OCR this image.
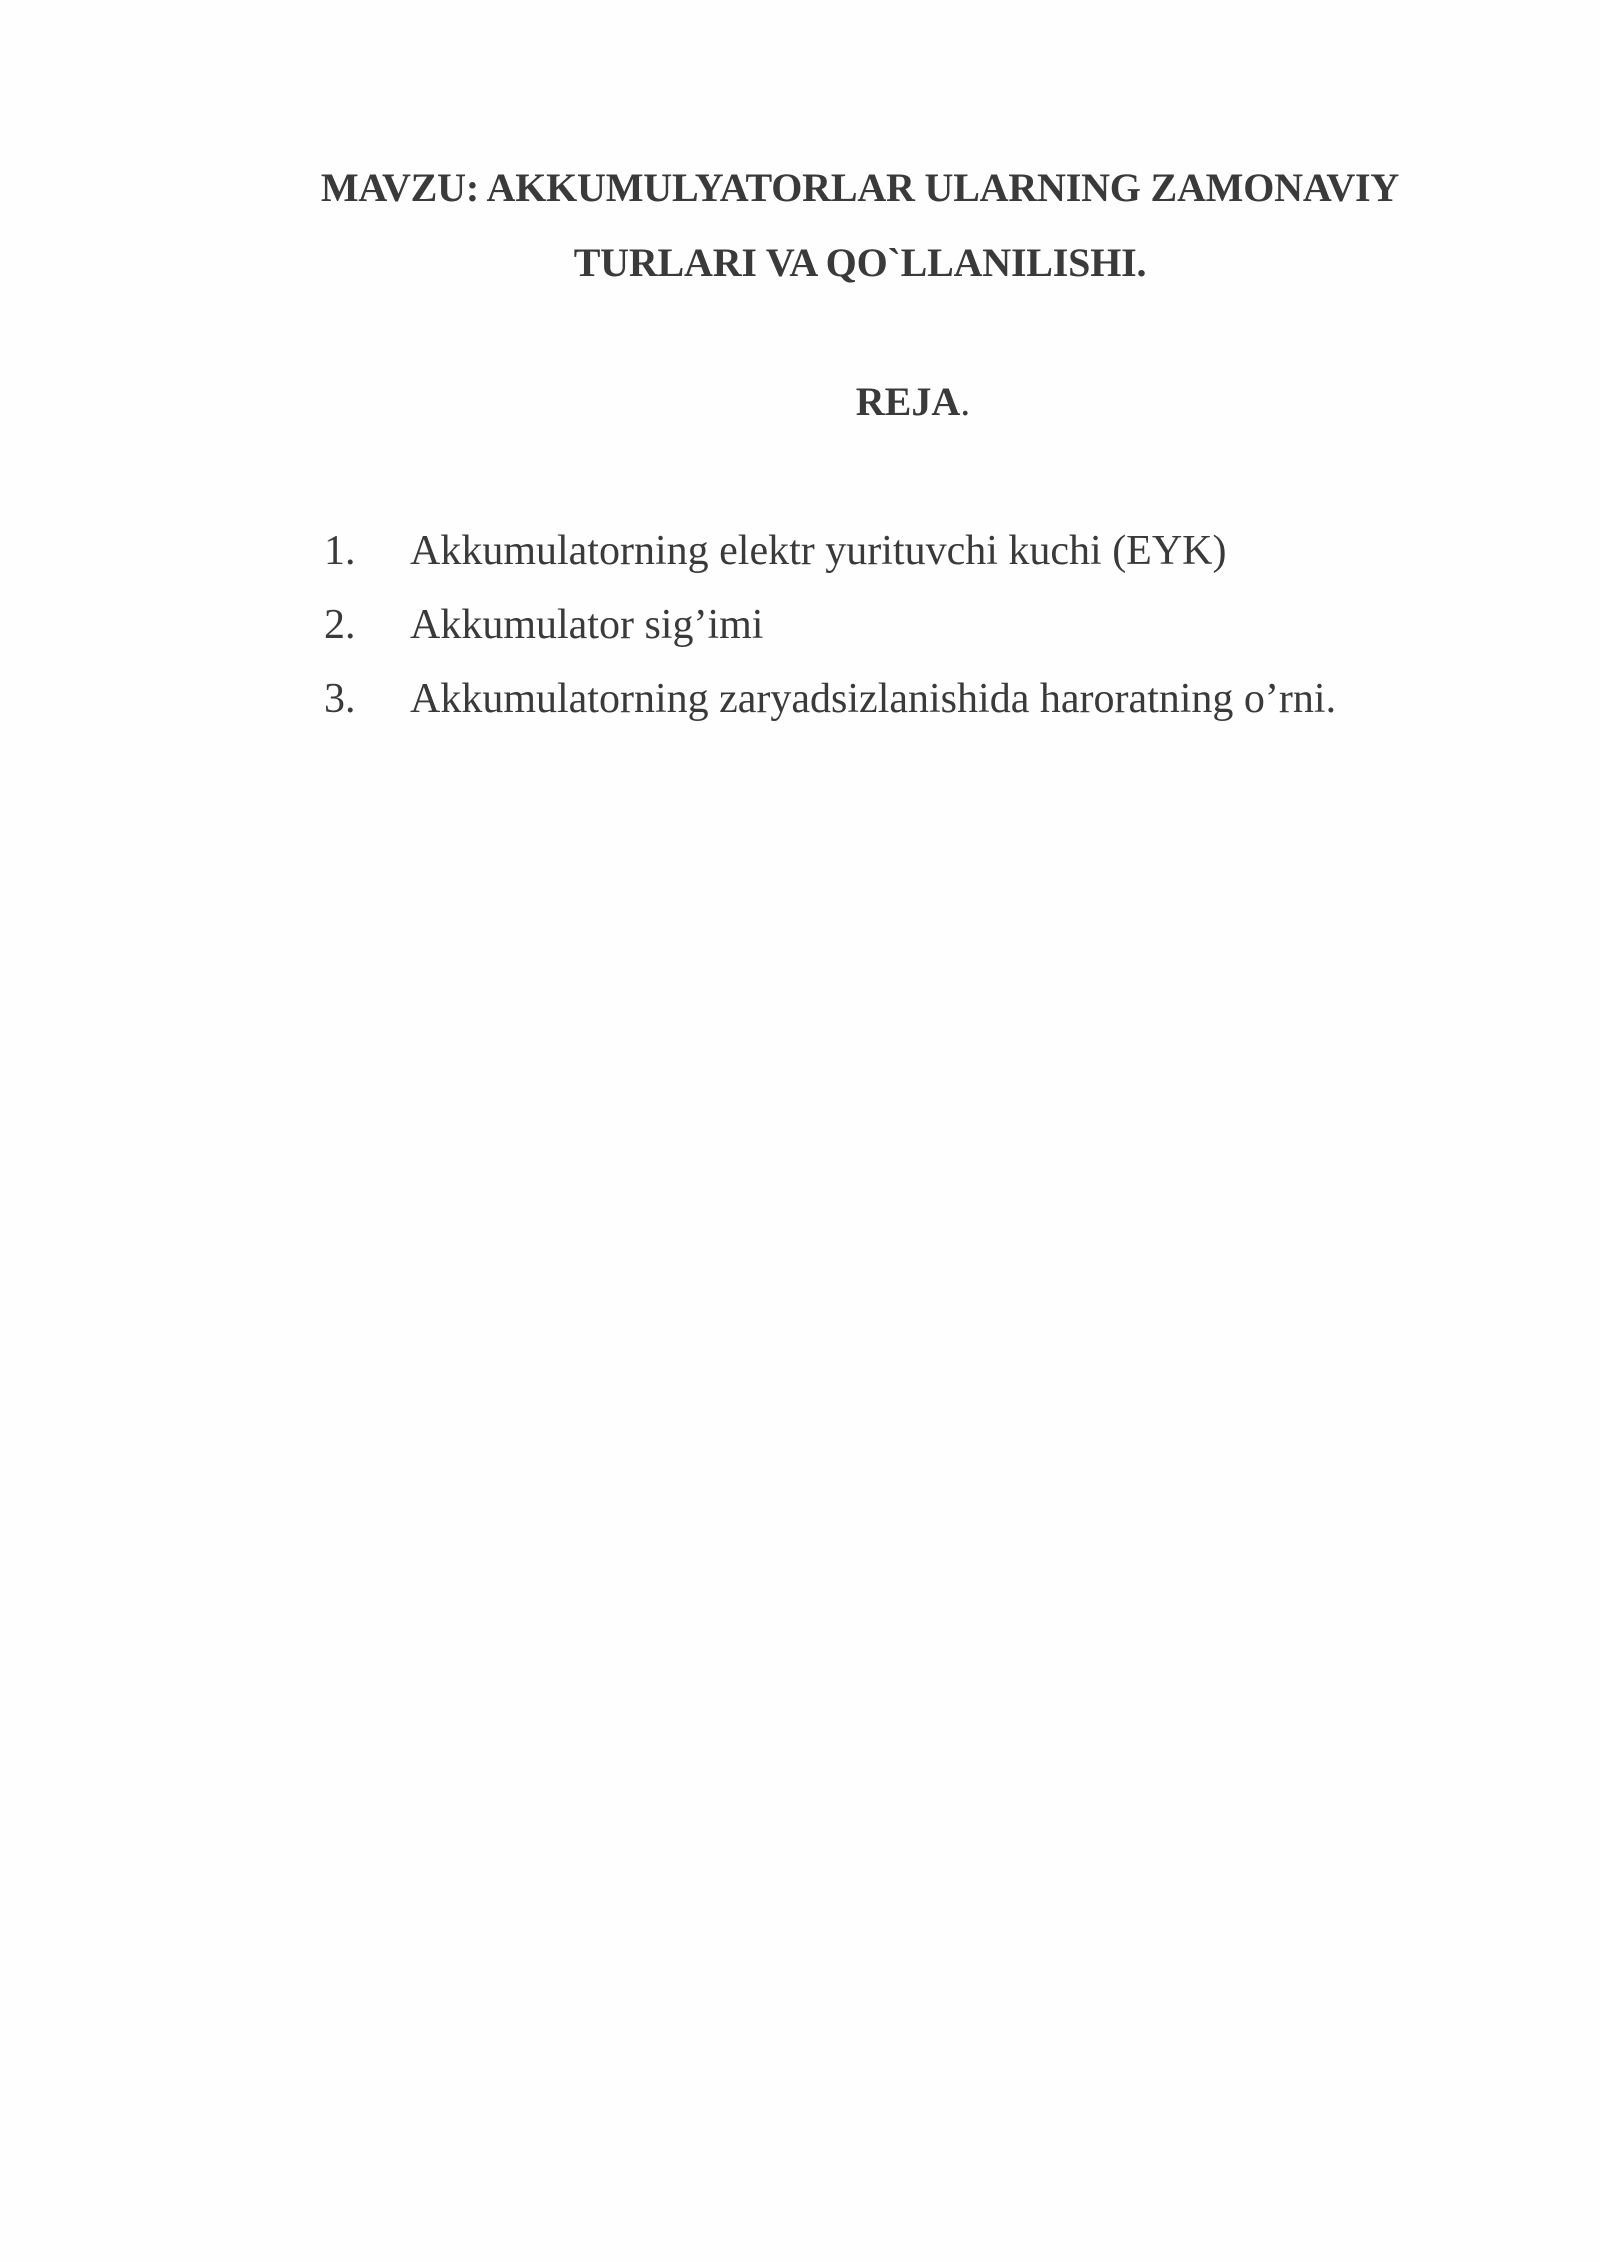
MAVZU: AKKUMULYATORLAR ULARNING ZAMONAVIY
TURLARI VA QO`LLANILISHI.
REJA.
1. Akkumulatorning elektr yurituvchi kuchi (EYK)
2. Akkumulator sig’imi
3. Akkumulatorning zaryadsizlanishida haroratning o’rni.
